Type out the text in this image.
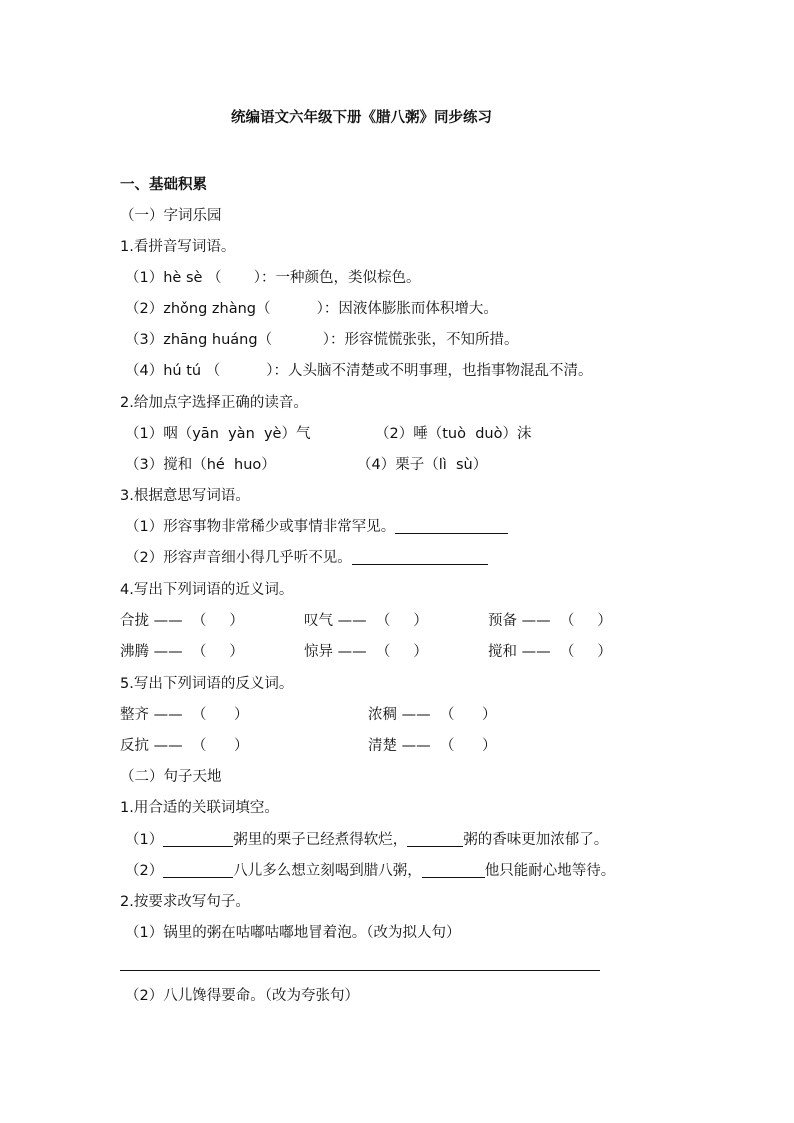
统编语文六年级下册《腊八粥》同步练习
一、基础积累
（一）字词乐园
1.看拼音写词语。
（1）hè sè （       ）：一种颜色，类似棕色。
（2）zhǒng zhàng（          ）：因液体膨胀而体积增大。
（3）zhāng huáng（           ）：形容慌慌张张，不知所措。
（4）hú tú （          ）：人头脑不清楚或不明事理，也指事物混乱不清。
2.给加点字选择正确的读音。
（1）咽（yān  yàn  yè）气	（2）唾（tuò  duò）沫
（3）搅和（hé  huo）	（4）栗子（lì  sù）
3.根据意思写词语。
（1）形容事物非常稀少或事情非常罕见。
（2）形容声音细小得几乎听不见。
4.写出下列词语的近义词。
合拢 ——  （     ）	叹气 ——  （     ）	预备 ——  （     ）
沸腾 ——  （     ）	惊异 ——  （     ）	搅和 ——  （     ）
5.写出下列词语的反义词。
整齐 ——  （      ）	浓稠 ——  （      ）
反抗 ——  （      ）	清楚 ——  （      ）
（二）句子天地
1.用合适的关联词填空。
（1）	粥里的栗子已经煮得软烂，	粥的香味更加浓郁了。
（2）	八儿多么想立刻喝到腊八粥，	他只能耐心地等待。
2.按要求改写句子。
（1）锅里的粥在咕嘟咕嘟地冒着泡。（改为拟人句）
（2）八儿馋得要命。（改为夸张句）
